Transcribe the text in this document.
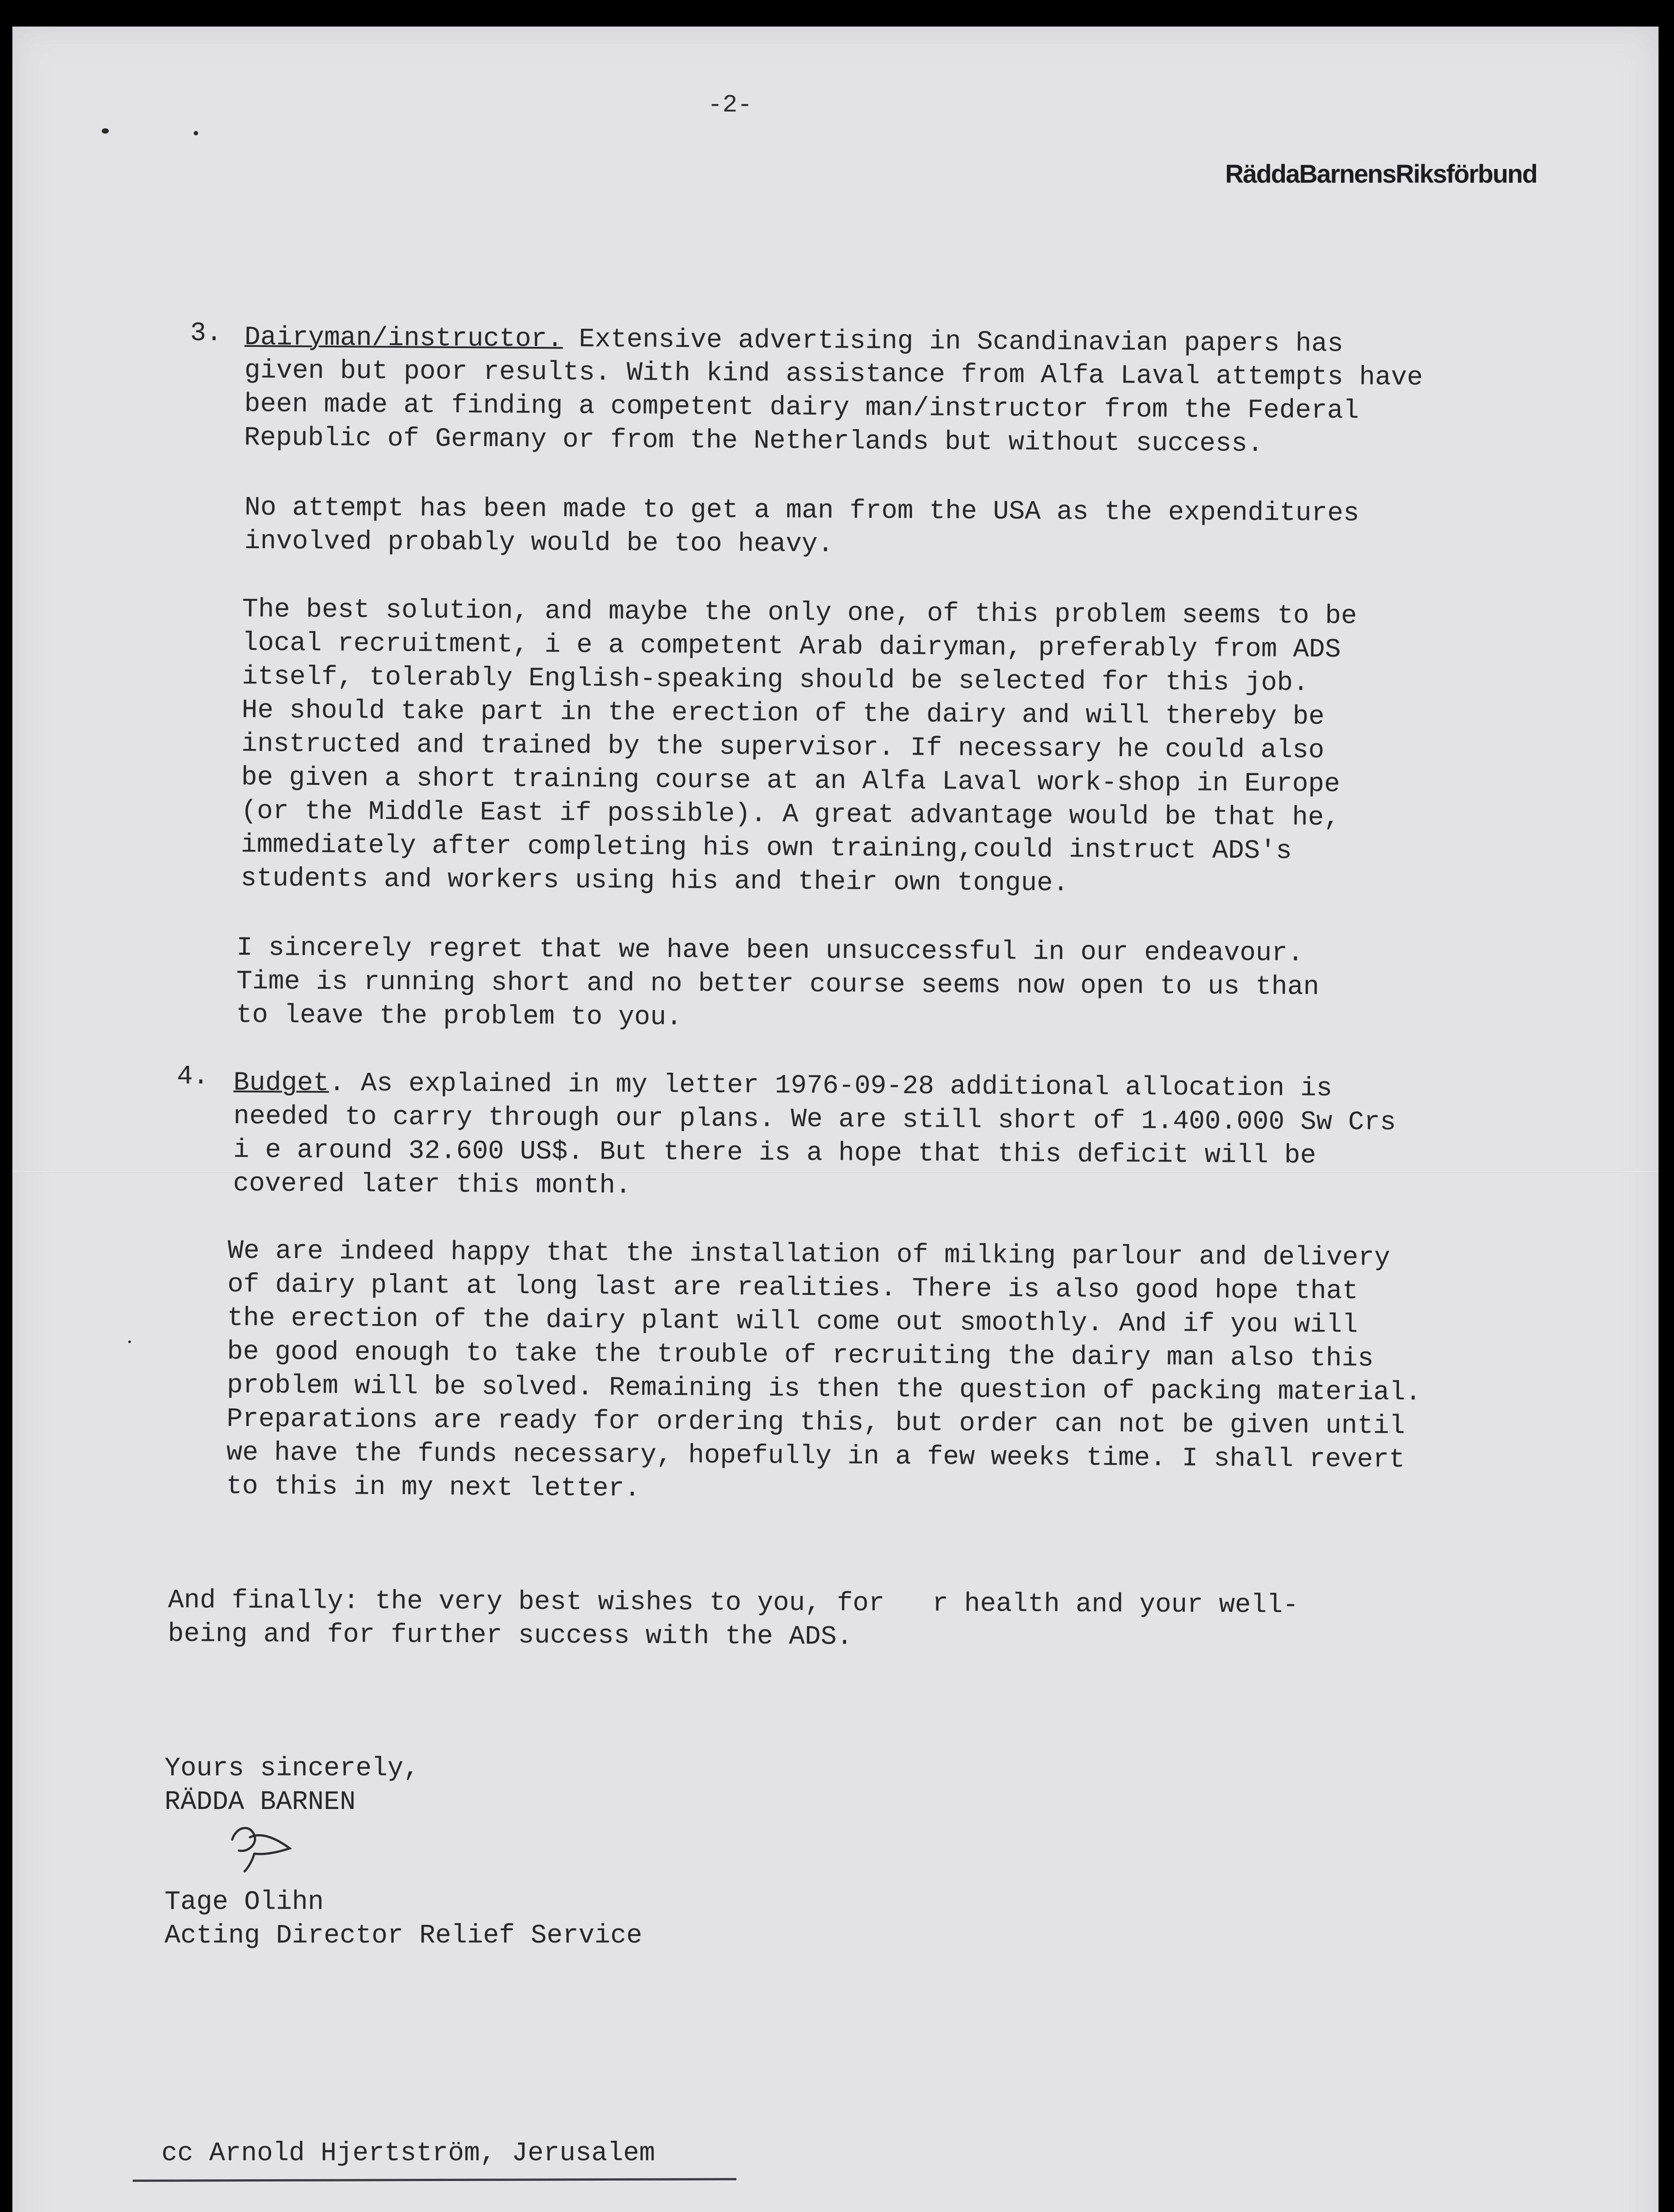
-2-
RäddaBarnensRiksförbund
3. Dairyman/instructor. Extensive advertising in Scandinavian papers has
given but poor results. With kind assistance from Alfa Laval attempts have
been made at finding a competent dairy man/instructor from the Federal
Republic of Germany or from the Netherlands but without success.
No attempt has been made to get a man from the USA as the expenditures
involved probably would be too heavy.
The best solution, and maybe the only one, of this problem seems to be
local recruitment, i e a competent Arab dairyman, preferably from ADS
itself, tolerably English-speaking should be selected for this job.
He should take part in the erection of the dairy and will thereby be
instructed and trained by the supervisor. If necessary he could also
be given a short training course at an Alfa Laval work-shop in Europe
(or the Middle East if possible). A great advantage would be that he,
immediately after completing his own training,could instruct ADS's
students and workers using his and their own tongue.
I sincerely regret that we have been unsuccessful in our endeavour.
Time is running short and no better course seems now open to us than
to leave the problem to you.
4. Budget. As explained in my letter 1976-09-28 additional allocation is
needed to carry through our plans. We are still short of 1.400.000 Sw Crs
i e around 32.600 US$. But there is a hope that this deficit will be
covered later this month.
We are indeed happy that the installation of milking parlour and delivery
of dairy plant at long last are realities. There is also good hope that
the erection of the dairy plant will come out smoothly. And if you will
be good enough to take the trouble of recruiting the dairy man also this
problem will be solved. Remaining is then the question of packing material.
Preparations are ready for ordering this, but order can not be given until
we have the funds necessary, hopefully in a few weeks time. I shall revert
to this in my next letter.
And finally: the very best wishes to you, for   r health and your well-
being and for further success with the ADS.
Yours sincerely,
RÄDDA BARNEN
Tage Olihn
Acting Director Relief Service
cc Arnold Hjertström, Jerusalem
